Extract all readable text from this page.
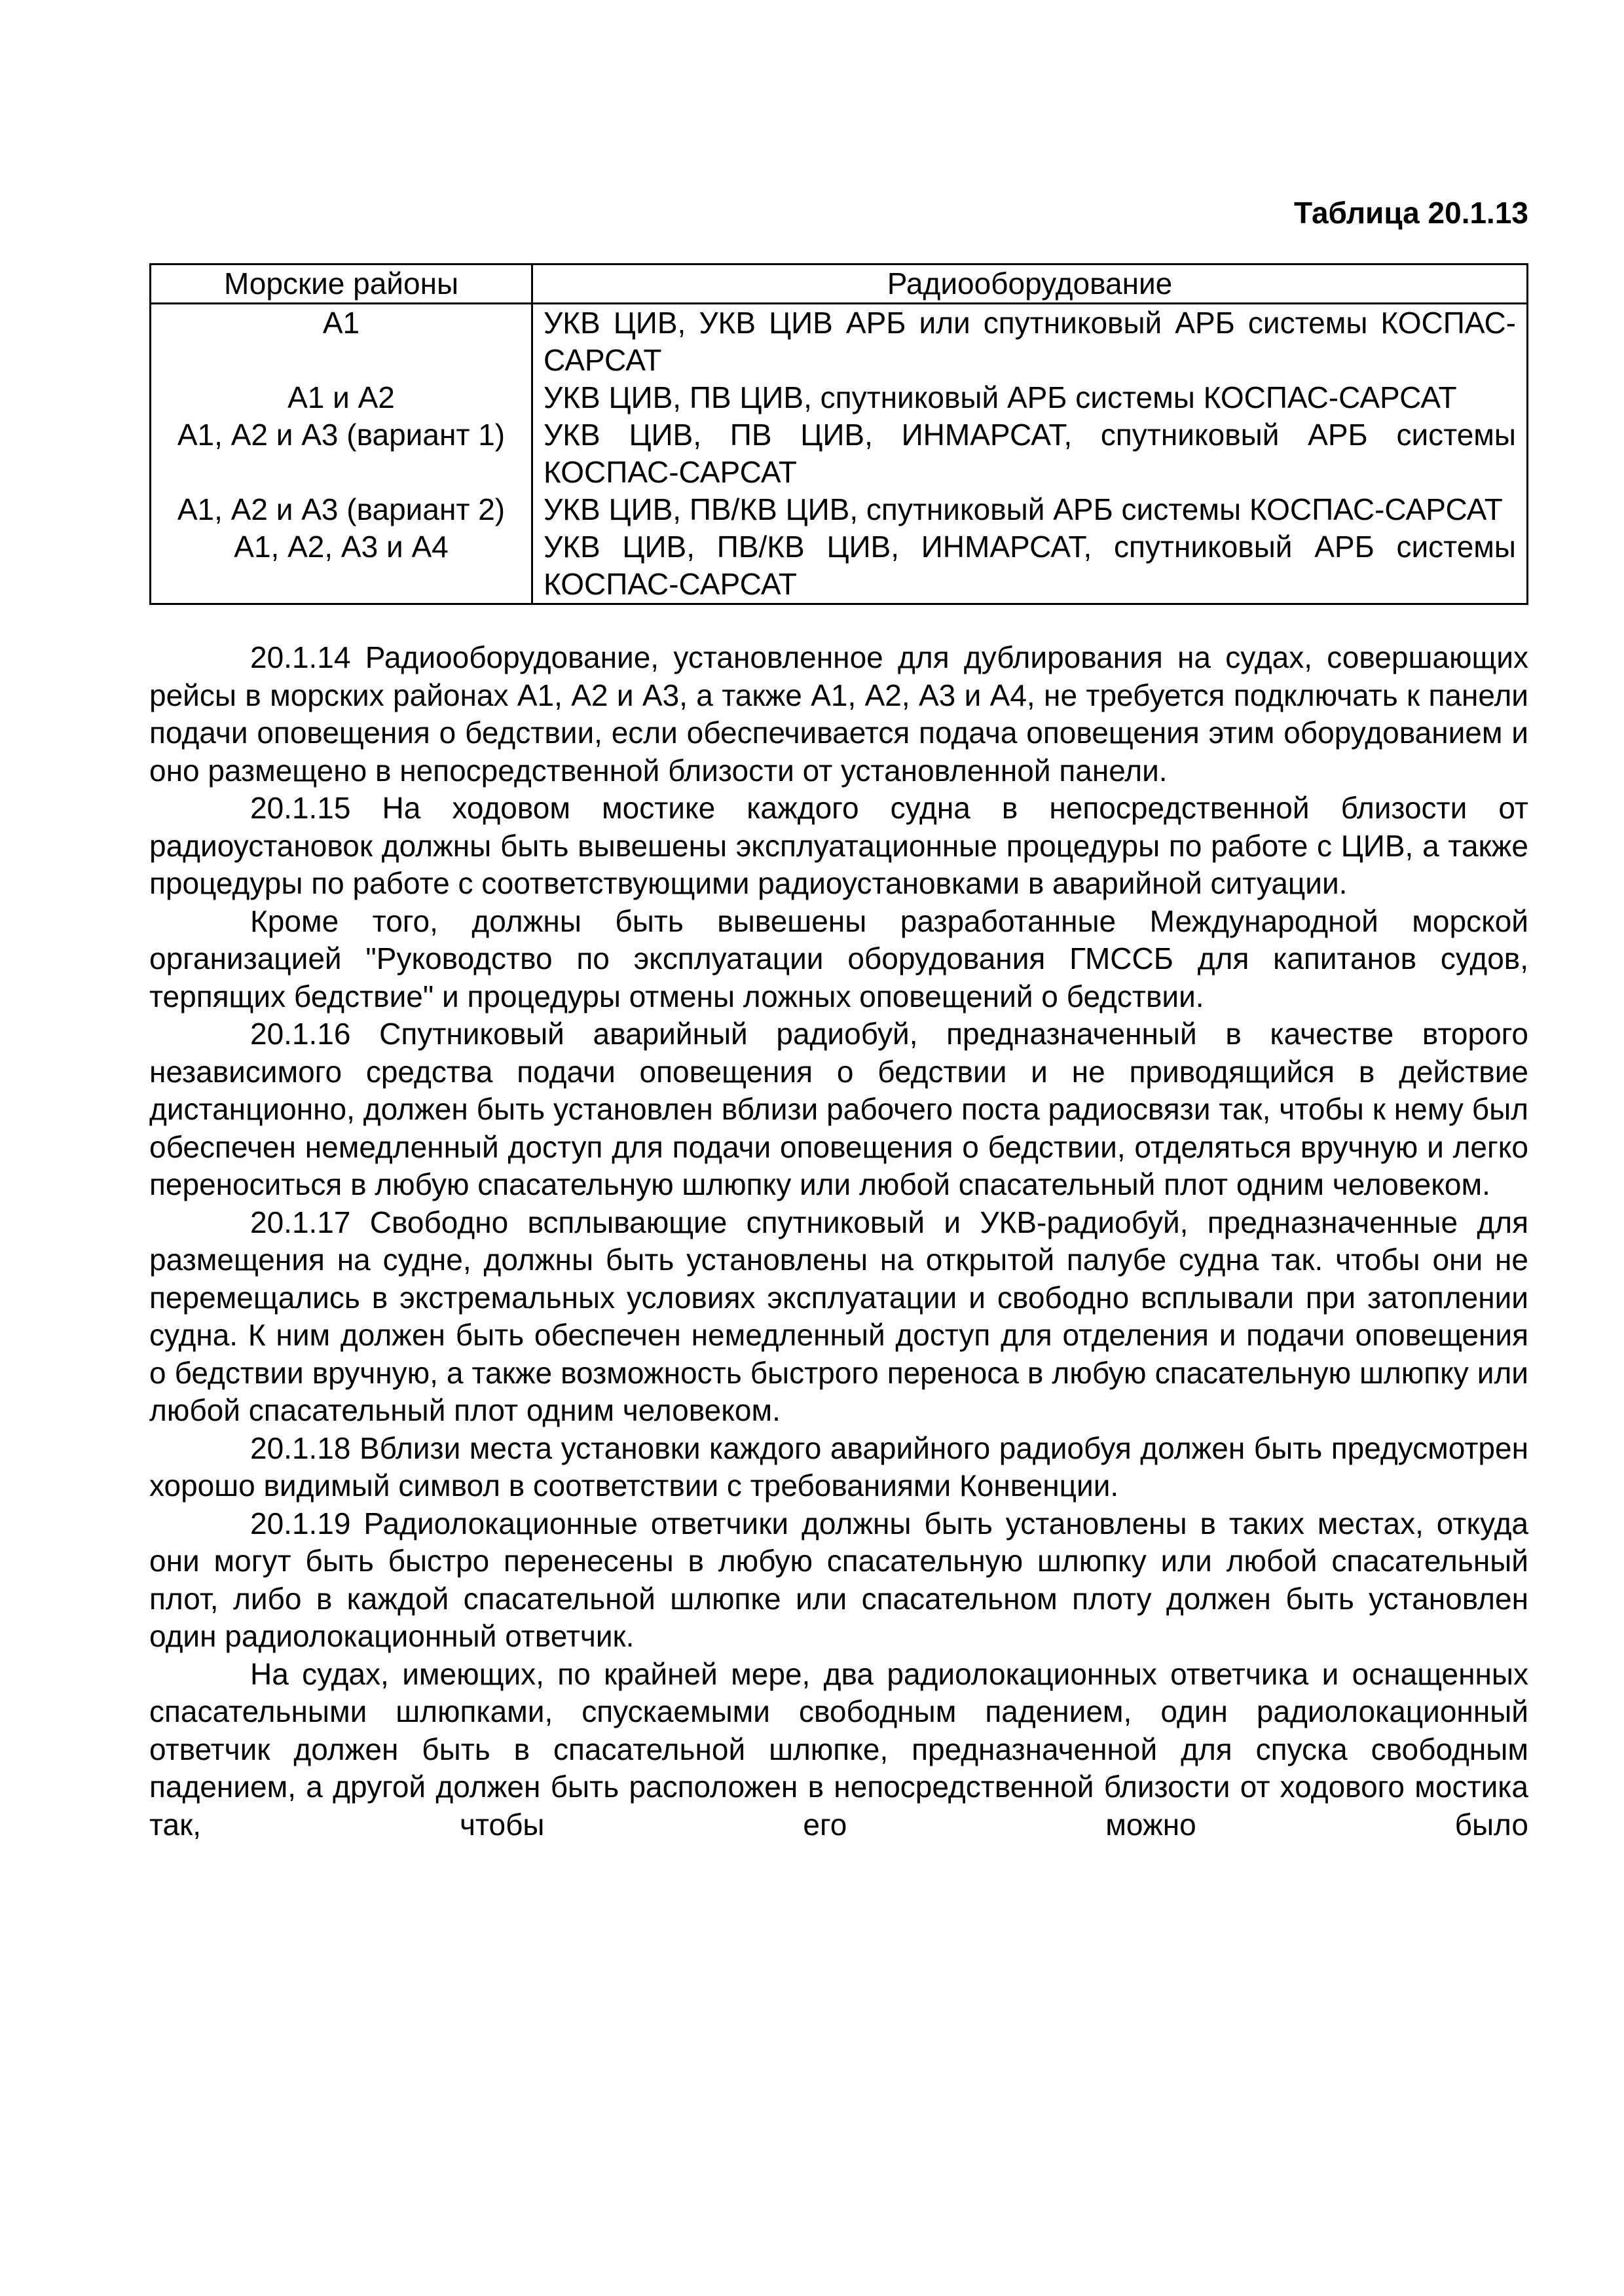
Таблица 20.1.13
Морские районы	Радиооборудование
А1	УКВ ЦИВ, УКВ ЦИВ АРБ или спутниковый АРБ системы КОСПАС-САРСАТ
А1 и А2	УКВ ЦИВ, ПВ ЦИВ, спутниковый АРБ системы КОСПАС-САРСАТ
А1, А2 и А3 (вариант 1)	УКВ ЦИВ, ПВ ЦИВ, ИНМАРСАТ, спутниковый АРБ системы КОСПАС-САРСАТ
А1, А2 и А3 (вариант 2)	УКВ ЦИВ, ПВ/КВ ЦИВ, спутниковый АРБ системы КОСПАС-САРСАТ
А1, А2, А3 и А4	УКВ ЦИВ, ПВ/КВ ЦИВ, ИНМАРСАТ, спутниковый АРБ системы КОСПАС-САРСАТ

20.1.14 Радиооборудование, установленное для дублирования на судах, совершающих рейсы в морских районах А1, А2 и А3, а также А1, А2, А3 и А4, не требуется подключать к панели подачи оповещения о бедствии, если обеспечивается подача оповещения этим оборудованием и оно размещено в непосредственной близости от установленной панели.

20.1.15 На ходовом мостике каждого судна в непосредственной близости от радиоустановок должны быть вывешены эксплуатационные процедуры по работе с ЦИВ, а также процедуры по работе с соответствующими радиоустановками в аварийной ситуации.

Кроме того, должны быть вывешены разработанные Международной морской организацией "Руководство по эксплуатации оборудования ГМССБ для капитанов судов, терпящих бедствие" и процедуры отмены ложных оповещений о бедствии.

20.1.16 Спутниковый аварийный радиобуй, предназначенный в качестве второго независимого средства подачи оповещения о бедствии и не приводящийся в действие дистанционно, должен быть установлен вблизи рабочего поста радиосвязи так, чтобы к нему был обеспечен немедленный доступ для подачи оповещения о бедствии, отделяться вручную и легко переноситься в любую спасательную шлюпку или любой спасательный плот одним человеком.

20.1.17 Свободно всплывающие спутниковый и УКВ-радиобуй, предназначенные для размещения на судне, должны быть установлены на открытой палубе судна так. чтобы они не перемещались в экстремальных условиях эксплуатации и свободно всплывали при затоплении судна. К ним должен быть обеспечен немедленный доступ для отделения и подачи оповещения о бедствии вручную, а также возможность быстрого переноса в любую спасательную шлюпку или любой спасательный плот одним человеком.

20.1.18 Вблизи места установки каждого аварийного радиобуя должен быть предусмотрен хорошо видимый символ в соответствии с требованиями Конвенции.

20.1.19 Радиолокационные ответчики должны быть установлены в таких местах, откуда они могут быть быстро перенесены в любую спасательную шлюпку или любой спасательный плот, либо в каждой спасательной шлюпке или спасательном плоту должен быть установлен один радиолокационный ответчик.

На судах, имеющих, по крайней мере, два радиолокационных ответчика и оснащенных спасательными шлюпками, спускаемыми свободным падением, один радиолокационный ответчик должен быть в спасательной шлюпке, предназначенной для спуска свободным падением, а другой должен быть расположен в непосредственной близости от ходового мостика так, чтобы его можно было
